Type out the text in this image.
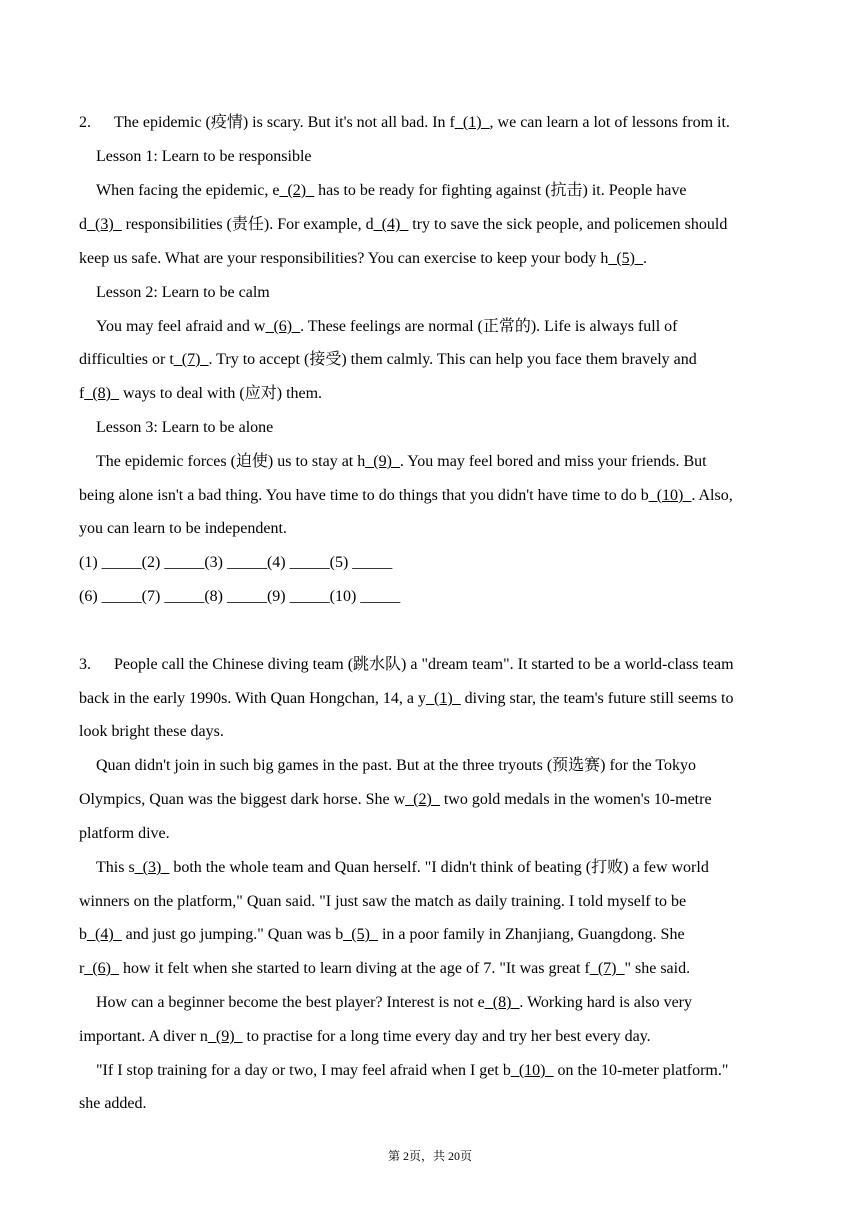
2. The epidemic (疫情) is scary. But it's not all bad. In f_(1)_, we can learn a lot of lessons from it.

Lesson 1: Learn to be responsible

When facing the epidemic, e_(2)_ has to be ready for fighting against (抗击) it. People have

d_(3)_ responsibilities (责任). For example, d_(4)_ try to save the sick people, and policemen should

keep us safe. What are your responsibilities? You can exercise to keep your body h_(5)_.

Lesson 2: Learn to be calm

You may feel afraid and w_(6)_. These feelings are normal (正常的). Life is always full of

difficulties or t_(7)_. Try to accept (接受) them calmly. This can help you face them bravely and

f_(8)_ ways to deal with (应对) them.

Lesson 3: Learn to be alone

The epidemic forces (迫使) us to stay at h_(9)_. You may feel bored and miss your friends. But

being alone isn't a bad thing. You have time to do things that you didn't have time to do b_(10)_. Also,

you can learn to be independent.

(1) _____(2) _____(3) _____(4) _____(5) _____

(6) _____(7) _____(8) _____(9) _____(10) _____

3. People call the Chinese diving team (跳水队) a "dream team". It started to be a world-class team

back in the early 1990s. With Quan Hongchan, 14, a y_(1)_ diving star, the team's future still seems to

look bright these days.

Quan didn't join in such big games in the past. But at the three tryouts (预选赛) for the Tokyo

Olympics, Quan was the biggest dark horse. She w_(2)_ two gold medals in the women's 10-metre

platform dive.

This s_(3)_ both the whole team and Quan herself. "I didn't think of beating (打败) a few world

winners on the platform," Quan said. "I just saw the match as daily training. I told myself to be

b_(4)_ and just go jumping." Quan was b_(5)_ in a poor family in Zhanjiang, Guangdong. She

r_(6)_ how it felt when she started to learn diving at the age of 7. "It was great f_(7)_" she said.

How can a beginner become the best player? Interest is not e_(8)_. Working hard is also very

important. A diver n_(9)_ to practise for a long time every day and try her best every day.

"If I stop training for a day or two, I may feel afraid when I get b_(10)_ on the 10-meter platform."

she added.

第 2页，共 20页
